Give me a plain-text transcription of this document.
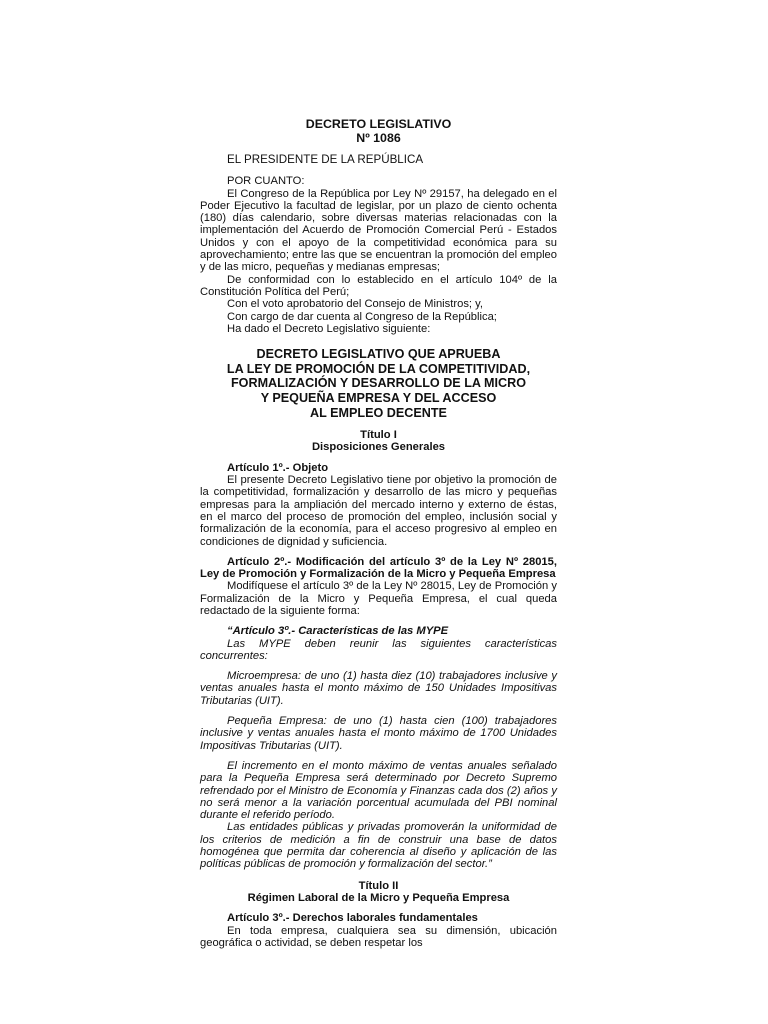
DECRETO LEGISLATIVO
Nº 1086
EL PRESIDENTE DE LA REPÚBLICA
POR CUANTO:
El Congreso de la República por Ley Nº 29157, ha delegado en el Poder Ejecutivo la facultad de legislar, por un plazo de ciento ochenta (180) días calendario, sobre diversas materias relacionadas con la implementación del Acuerdo de Promoción Comercial Perú - Estados Unidos y con el apoyo de la competitividad económica para su aprovechamiento; entre las que se encuentran la promoción del empleo y de las micro, pequeñas y medianas empresas;
De conformidad con lo establecido en el artículo 104º de la Constitución Política del Perú;
Con el voto aprobatorio del Consejo de Ministros; y,
Con cargo de dar cuenta al Congreso de la República;
Ha dado el Decreto Legislativo siguiente:
DECRETO LEGISLATIVO QUE APRUEBA
LA LEY DE PROMOCIÓN DE LA COMPETITIVIDAD,
FORMALIZACIÓN Y DESARROLLO DE LA MICRO
Y PEQUEÑA EMPRESA Y DEL ACCESO
AL EMPLEO DECENTE
Título I
Disposiciones Generales
Artículo 1º.- Objeto
El presente Decreto Legislativo tiene por objetivo la promoción de la competitividad, formalización y desarrollo de las micro y pequeñas empresas para la ampliación del mercado interno y externo de éstas, en el marco del proceso de promoción del empleo, inclusión social y formalización de la economía, para el acceso progresivo al empleo en condiciones de dignidad y suficiencia.
Artículo 2º.- Modificación del artículo 3º de la Ley Nº 28015, Ley de Promoción y Formalización de la Micro y Pequeña Empresa
Modifíquese el artículo 3º de la Ley Nº 28015, Ley de Promoción y Formalización de la Micro y Pequeña Empresa, el cual queda redactado de la siguiente forma:
“Artículo 3º.- Características de las MYPE
Las MYPE deben reunir las siguientes características concurrentes:
Microempresa: de uno (1) hasta diez (10) trabajadores inclusive y ventas anuales hasta el monto máximo de 150 Unidades Impositivas Tributarias (UIT).
Pequeña Empresa: de uno (1) hasta cien (100) trabajadores inclusive y ventas anuales hasta el monto máximo de 1700 Unidades Impositivas Tributarias (UIT).
El incremento en el monto máximo de ventas anuales señalado para la Pequeña Empresa será determinado por Decreto Supremo refrendado por el Ministro de Economía y Finanzas cada dos (2) años y no será menor a la variación porcentual acumulada del PBI nominal durante el referido período.
Las entidades públicas y privadas promoverán la uniformidad de los criterios de medición a fin de construir una base de datos homogénea que permita dar coherencia al diseño y aplicación de las políticas públicas de promoción y formalización del sector.”
Título II
Régimen Laboral de la Micro y Pequeña Empresa
Artículo 3º.- Derechos laborales fundamentales
En toda empresa, cualquiera sea su dimensión, ubicación geográfica o actividad, se deben respetar los
